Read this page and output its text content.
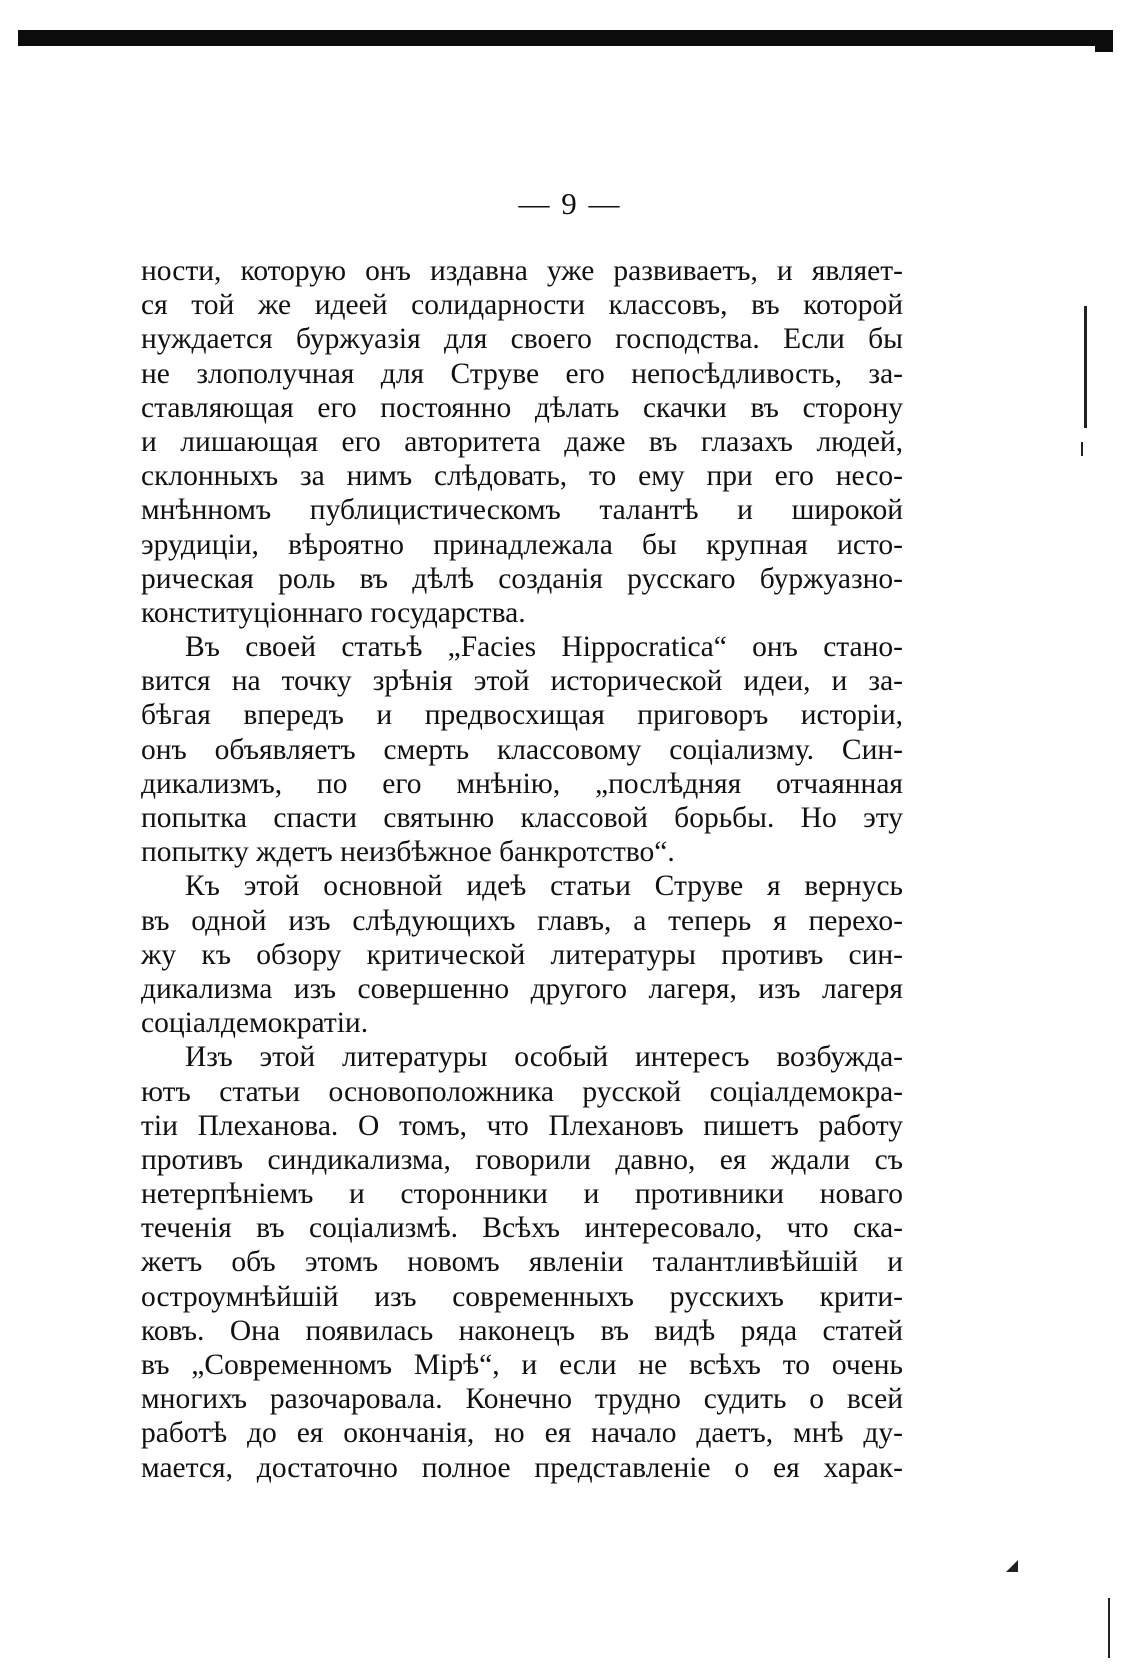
— 9 —
ности, которую онъ издавна уже развиваетъ, и являет-
ся той же идеей солидарности классовъ, въ которой
нуждается буржуазія для своего господства. Если бы
не злополучная для Струве его непосѣдливость, за-
ставляющая его постоянно дѣлать скачки въ сторону
и лишающая его авторитета даже въ глазахъ людей,
склонныхъ за нимъ слѣдовать, то ему при его несо-
мнѣнномъ публицистическомъ талантѣ и широкой
эрудиціи, вѣроятно принадлежала бы крупная исто-
рическая роль въ дѣлѣ созданія русскаго буржуазно-
конституціоннаго государства.
Въ своей статьѣ „Facies Hippocratica“ онъ стано-
вится на точку зрѣнія этой исторической идеи, и за-
бѣгая впередъ и предвосхищая приговоръ исторіи,
онъ объявляетъ смерть классовому соціализму. Син-
дикализмъ, по его мнѣнію, „послѣдняя отчаянная
попытка спасти святыню классовой борьбы. Но эту
попытку ждетъ неизбѣжное банкротство“.
Къ этой основной идеѣ статьи Струве я вернусь
въ одной изъ слѣдующихъ главъ, а теперь я перехо-
жу къ обзору критической литературы противъ син-
дикализма изъ совершенно другого лагеря, изъ лагеря
соціалдемократіи.
Изъ этой литературы особый интересъ возбужда-
ютъ статьи основоположника русской соціалдемокра-
тіи Плеханова. О томъ, что Плехановъ пишетъ работу
противъ синдикализма, говорили давно, ея ждали съ
нетерпѣніемъ и сторонники и противники новаго
теченія въ соціализмѣ. Всѣхъ интересовало, что ска-
жетъ объ этомъ новомъ явленіи талантливѣйшій и
остроумнѣйшій изъ современныхъ русскихъ крити-
ковъ. Она появилась наконецъ въ видѣ ряда статей
въ „Современномъ Мірѣ“, и если не всѣхъ то очень
многихъ разочаровала. Конечно трудно судить о всей
работѣ до ея окончанія, но ея начало даетъ, мнѣ ду-
мается, достаточно полное представленіе о ея харак-
